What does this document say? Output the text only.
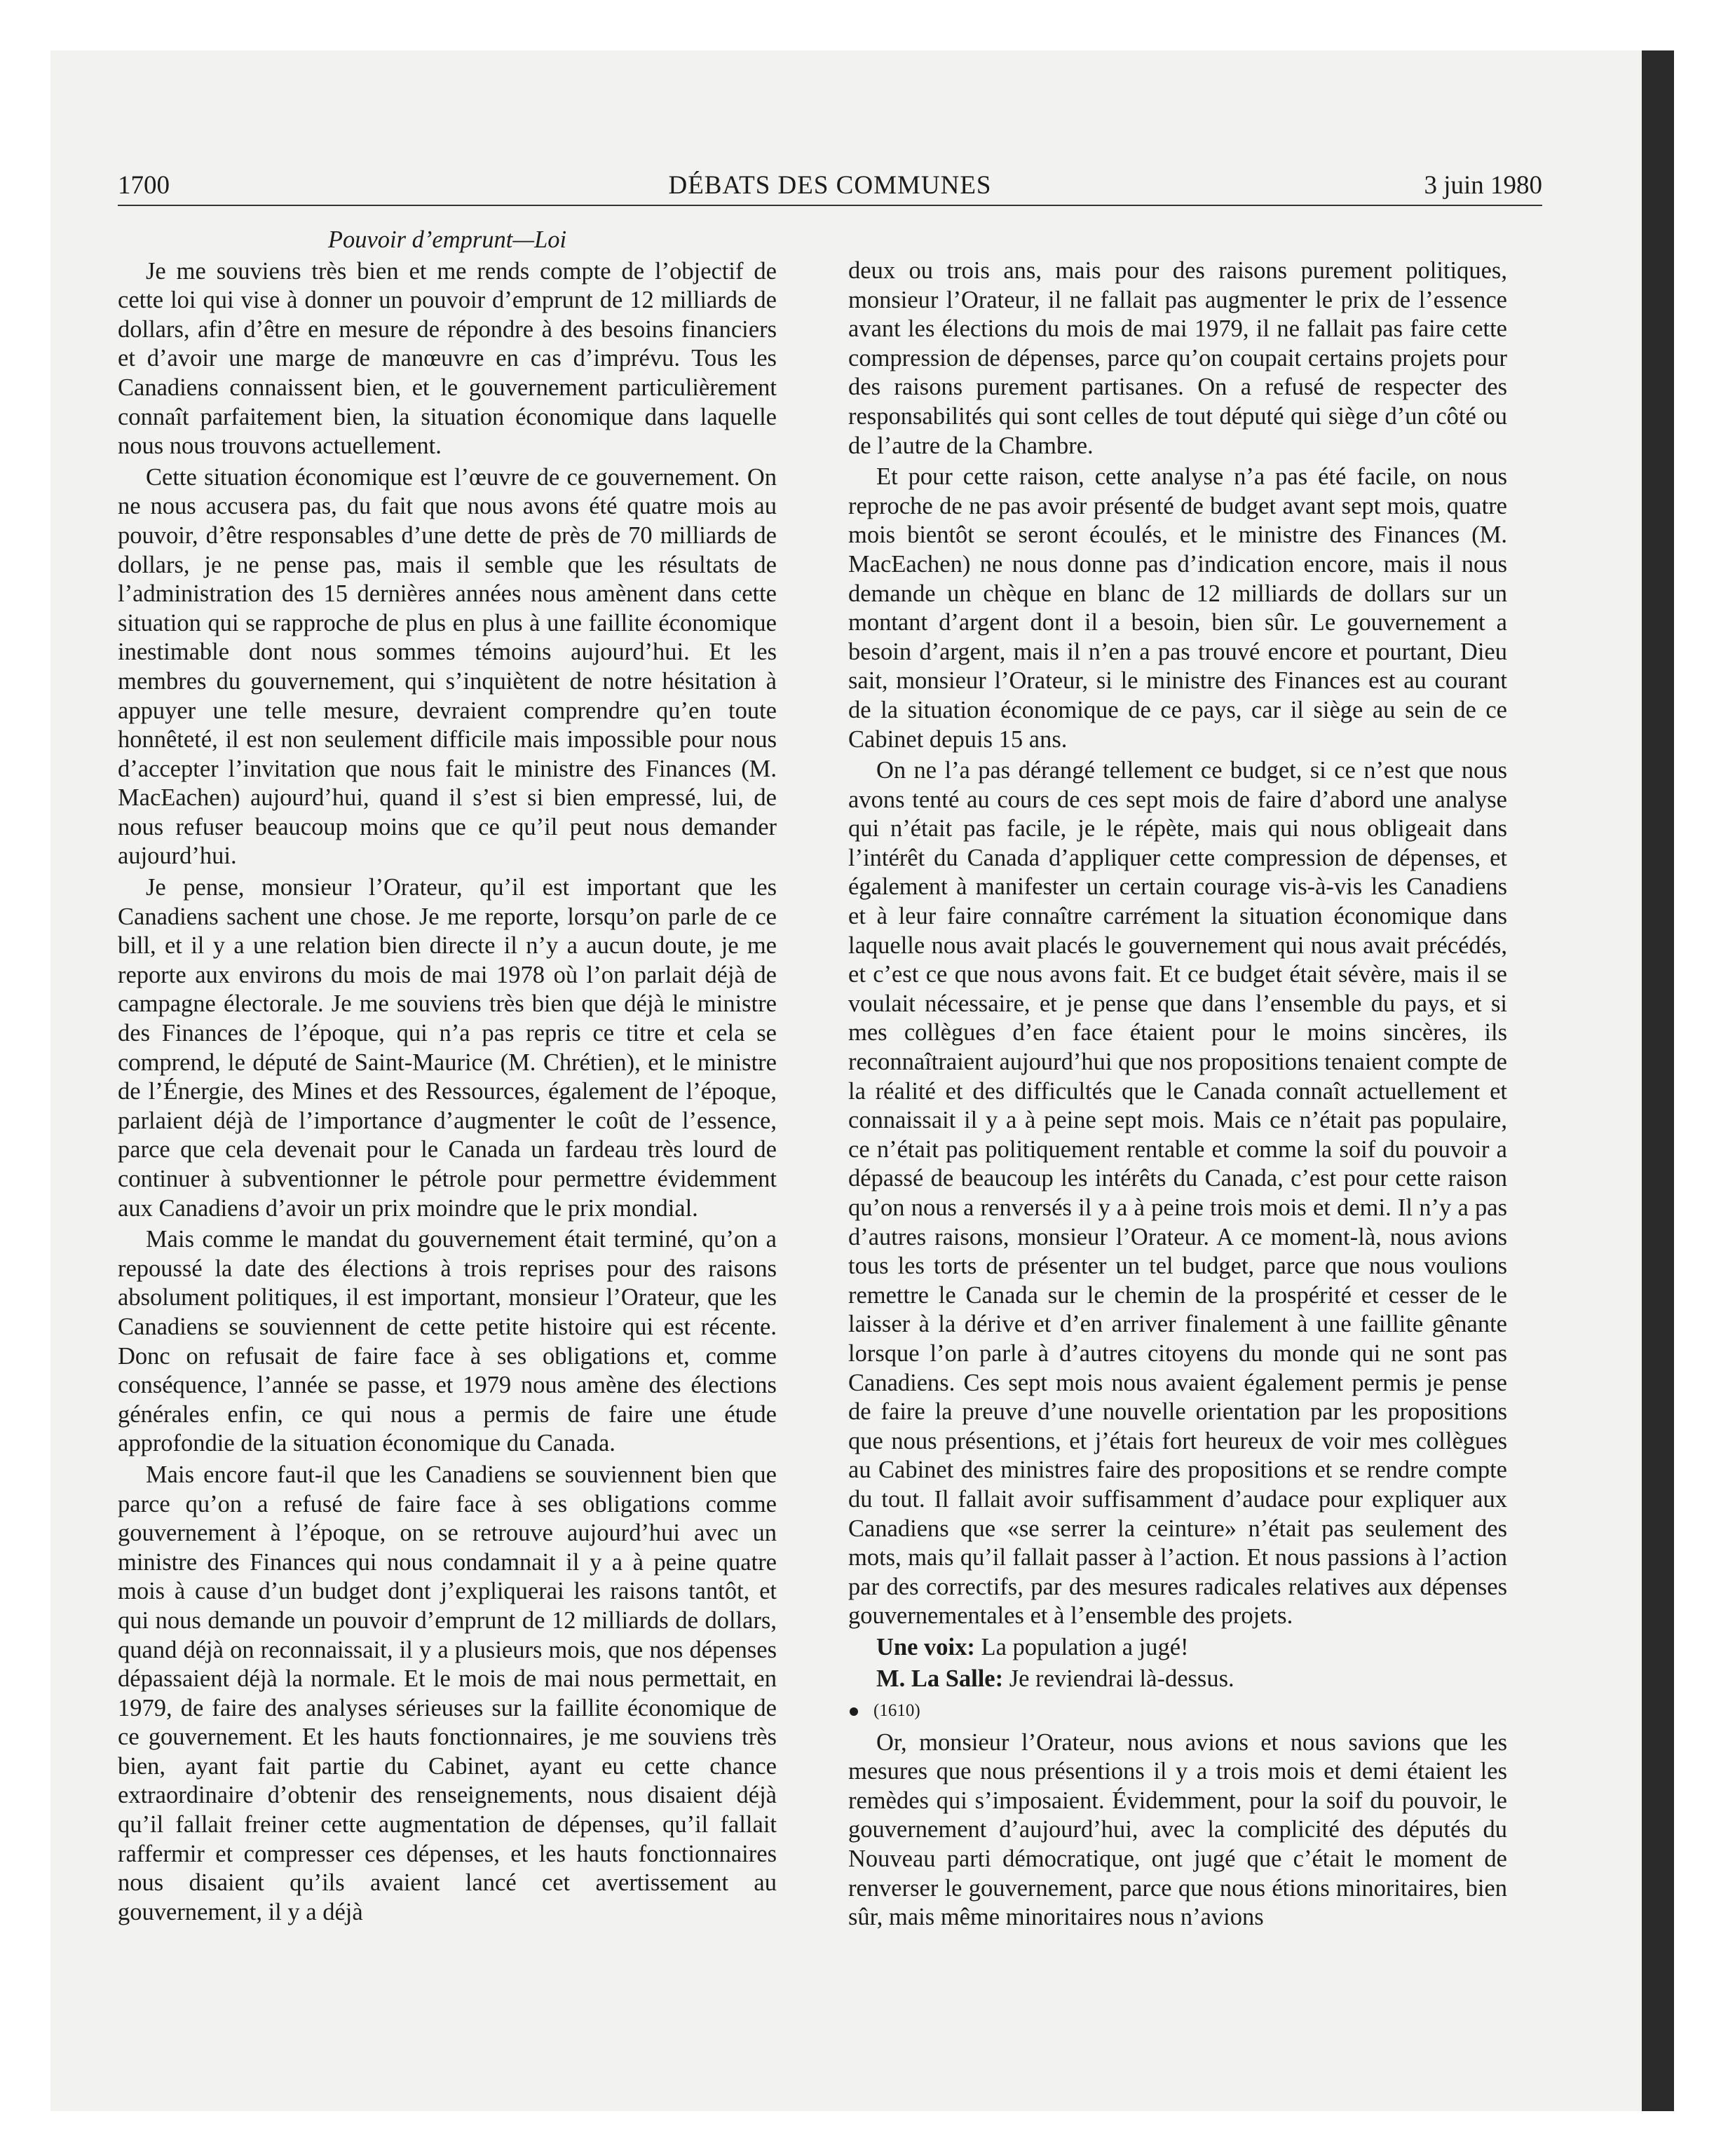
1700	DÉBATS DES COMMUNES	3 juin 1980
Pouvoir d’emprunt—Loi

Je me souviens très bien et me rends compte de l’objectif de cette loi qui vise à donner un pouvoir d’emprunt de 12 milliards de dollars, afin d’être en mesure de répondre à des besoins financiers et d’avoir une marge de manœuvre en cas d’imprévu. Tous les Canadiens connaissent bien, et le gouvernement particulièrement connaît parfaitement bien, la situation économique dans laquelle nous nous trouvons actuellement.

Cette situation économique est l’œuvre de ce gouvernement. On ne nous accusera pas, du fait que nous avons été quatre mois au pouvoir, d’être responsables d’une dette de près de 70 milliards de dollars, je ne pense pas, mais il semble que les résultats de l’administration des 15 dernières années nous amènent dans cette situation qui se rapproche de plus en plus à une faillite économique inestimable dont nous sommes témoins aujourd’hui. Et les membres du gouvernement, qui s’inquiètent de notre hésitation à appuyer une telle mesure, devraient comprendre qu’en toute honnêteté, il est non seulement difficile mais impossible pour nous d’accepter l’invitation que nous fait le ministre des Finances (M. MacEachen) aujourd’hui, quand il s’est si bien empressé, lui, de nous refuser beaucoup moins que ce qu’il peut nous demander aujourd’hui.

Je pense, monsieur l’Orateur, qu’il est important que les Canadiens sachent une chose. Je me reporte, lorsqu’on parle de ce bill, et il y a une relation bien directe il n’y a aucun doute, je me reporte aux environs du mois de mai 1978 où l’on parlait déjà de campagne électorale. Je me souviens très bien que déjà le ministre des Finances de l’époque, qui n’a pas repris ce titre et cela se comprend, le député de Saint-Maurice (M. Chrétien), et le ministre de l’Énergie, des Mines et des Ressources, également de l’époque, parlaient déjà de l’importance d’augmenter le coût de l’essence, parce que cela devenait pour le Canada un fardeau très lourd de continuer à subventionner le pétrole pour permettre évidemment aux Canadiens d’avoir un prix moindre que le prix mondial.

Mais comme le mandat du gouvernement était terminé, qu’on a repoussé la date des élections à trois reprises pour des raisons absolument politiques, il est important, monsieur l’Orateur, que les Canadiens se souviennent de cette petite histoire qui est récente. Donc on refusait de faire face à ses obligations et, comme conséquence, l’année se passe, et 1979 nous amène des élections générales enfin, ce qui nous a permis de faire une étude approfondie de la situation économique du Canada.

Mais encore faut-il que les Canadiens se souviennent bien que parce qu’on a refusé de faire face à ses obligations comme gouvernement à l’époque, on se retrouve aujourd’hui avec un ministre des Finances qui nous condamnait il y a à peine quatre mois à cause d’un budget dont j’expliquerai les raisons tantôt, et qui nous demande un pouvoir d’emprunt de 12 milliards de dollars, quand déjà on reconnaissait, il y a plusieurs mois, que nos dépenses dépassaient déjà la normale. Et le mois de mai nous permettait, en 1979, de faire des analyses sérieuses sur la faillite économique de ce gouvernement. Et les hauts fonctionnaires, je me souviens très bien, ayant fait partie du Cabinet, ayant eu cette chance extraordinaire d’obtenir des renseignements, nous disaient déjà qu’il fallait freiner cette augmentation de dépenses, qu’il fallait raffermir et compresser ces dépenses, et les hauts fonctionnaires nous disaient qu’ils avaient lancé cet avertissement au gouvernement, il y a déjà

deux ou trois ans, mais pour des raisons purement politiques, monsieur l’Orateur, il ne fallait pas augmenter le prix de l’essence avant les élections du mois de mai 1979, il ne fallait pas faire cette compression de dépenses, parce qu’on coupait certains projets pour des raisons purement partisanes. On a refusé de respecter des responsabilités qui sont celles de tout député qui siège d’un côté ou de l’autre de la Chambre.

Et pour cette raison, cette analyse n’a pas été facile, on nous reproche de ne pas avoir présenté de budget avant sept mois, quatre mois bientôt se seront écoulés, et le ministre des Finances (M. MacEachen) ne nous donne pas d’indication encore, mais il nous demande un chèque en blanc de 12 milliards de dollars sur un montant d’argent dont il a besoin, bien sûr. Le gouvernement a besoin d’argent, mais il n’en a pas trouvé encore et pourtant, Dieu sait, monsieur l’Orateur, si le ministre des Finances est au courant de la situation économique de ce pays, car il siège au sein de ce Cabinet depuis 15 ans.

On ne l’a pas dérangé tellement ce budget, si ce n’est que nous avons tenté au cours de ces sept mois de faire d’abord une analyse qui n’était pas facile, je le répète, mais qui nous obligeait dans l’intérêt du Canada d’appliquer cette compression de dépenses, et également à manifester un certain courage vis-à-vis les Canadiens et à leur faire connaître carrément la situation économique dans laquelle nous avait placés le gouvernement qui nous avait précédés, et c’est ce que nous avons fait. Et ce budget était sévère, mais il se voulait nécessaire, et je pense que dans l’ensemble du pays, et si mes collègues d’en face étaient pour le moins sincères, ils reconnaîtraient aujourd’hui que nos propositions tenaient compte de la réalité et des difficultés que le Canada connaît actuellement et connaissait il y a à peine sept mois. Mais ce n’était pas populaire, ce n’était pas politiquement rentable et comme la soif du pouvoir a dépassé de beaucoup les intérêts du Canada, c’est pour cette raison qu’on nous a renversés il y a à peine trois mois et demi. Il n’y a pas d’autres raisons, monsieur l’Orateur. A ce moment-là, nous avions tous les torts de présenter un tel budget, parce que nous voulions remettre le Canada sur le chemin de la prospérité et cesser de le laisser à la dérive et d’en arriver finalement à une faillite gênante lorsque l’on parle à d’autres citoyens du monde qui ne sont pas Canadiens. Ces sept mois nous avaient également permis je pense de faire la preuve d’une nouvelle orientation par les propositions que nous présentions, et j’étais fort heureux de voir mes collègues au Cabinet des ministres faire des propositions et se rendre compte du tout. Il fallait avoir suffisamment d’audace pour expliquer aux Canadiens que «se serrer la ceinture» n’était pas seulement des mots, mais qu’il fallait passer à l’action. Et nous passions à l’action par des correctifs, par des mesures radicales relatives aux dépenses gouvernementales et à l’ensemble des projets.

Une voix: La population a jugé!

M. La Salle: Je reviendrai là-dessus.

(1610)

Or, monsieur l’Orateur, nous avions et nous savions que les mesures que nous présentions il y a trois mois et demi étaient les remèdes qui s’imposaient. Évidemment, pour la soif du pouvoir, le gouvernement d’aujourd’hui, avec la complicité des députés du Nouveau parti démocratique, ont jugé que c’était le moment de renverser le gouvernement, parce que nous étions minoritaires, bien sûr, mais même minoritaires nous n’avions
